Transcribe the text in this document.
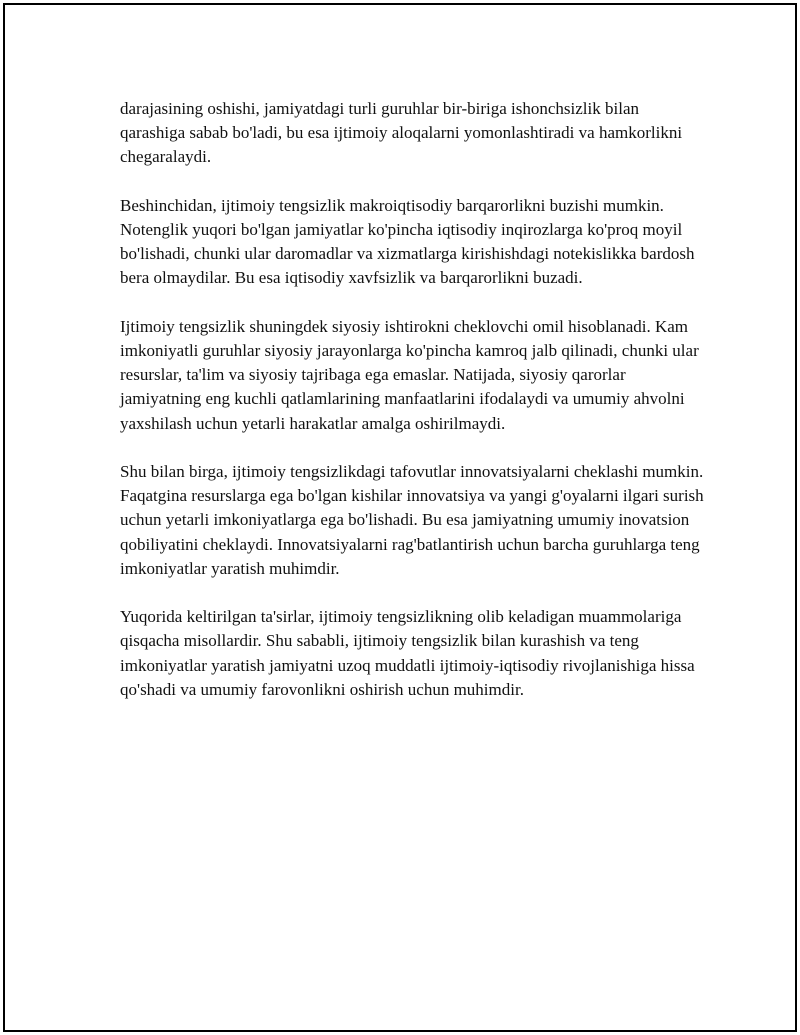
darajasining oshishi, jamiyatdagi turli guruhlar bir-biriga ishonchsizlik bilan qarashiga sabab bo'ladi, bu esa ijtimoiy aloqalarni yomonlashtiradi va hamkorlikni chegaralaydi.

Beshinchidan, ijtimoiy tengsizlik makroiqtisodiy barqarorlikni buzishi mumkin. Notenglik yuqori bo'lgan jamiyatlar ko'pincha iqtisodiy inqirozlarga ko'proq moyil bo'lishadi, chunki ular daromadlar va xizmatlarga kirishishdagi notekislikka bardosh bera olmaydilar. Bu esa iqtisodiy xavfsizlik va barqarorlikni buzadi.

Ijtimoiy tengsizlik shuningdek siyosiy ishtirokni cheklovchi omil hisoblanadi. Kam imkoniyatli guruhlar siyosiy jarayonlarga ko'pincha kamroq jalb qilinadi, chunki ular resurslar, ta'lim va siyosiy tajribaga ega emaslar. Natijada, siyosiy qarorlar jamiyatning eng kuchli qatlamlarining manfaatlarini ifodalaydi va umumiy ahvolni yaxshilash uchun yetarli harakatlar amalga oshirilmaydi.

Shu bilan birga, ijtimoiy tengsizlikdagi tafovutlar innovatsiyalarni cheklashi mumkin. Faqatgina resurslarga ega bo'lgan kishilar innovatsiya va yangi g'oyalarni ilgari surish uchun yetarli imkoniyatlarga ega bo'lishadi. Bu esa jamiyatning umumiy inovatsion qobiliyatini cheklaydi. Innovatsiyalarni rag'batlantirish uchun barcha guruhlarga teng imkoniyatlar yaratish muhimdir.

Yuqorida keltirilgan ta'sirlar, ijtimoiy tengsizlikning olib keladigan muammolariga qisqacha misollardir. Shu sababli, ijtimoiy tengsizlik bilan kurashish va teng imkoniyatlar yaratish jamiyatni uzoq muddatli ijtimoiy-iqtisodiy rivojlanishiga hissa qo'shadi va umumiy farovonlikni oshirish uchun muhimdir.
